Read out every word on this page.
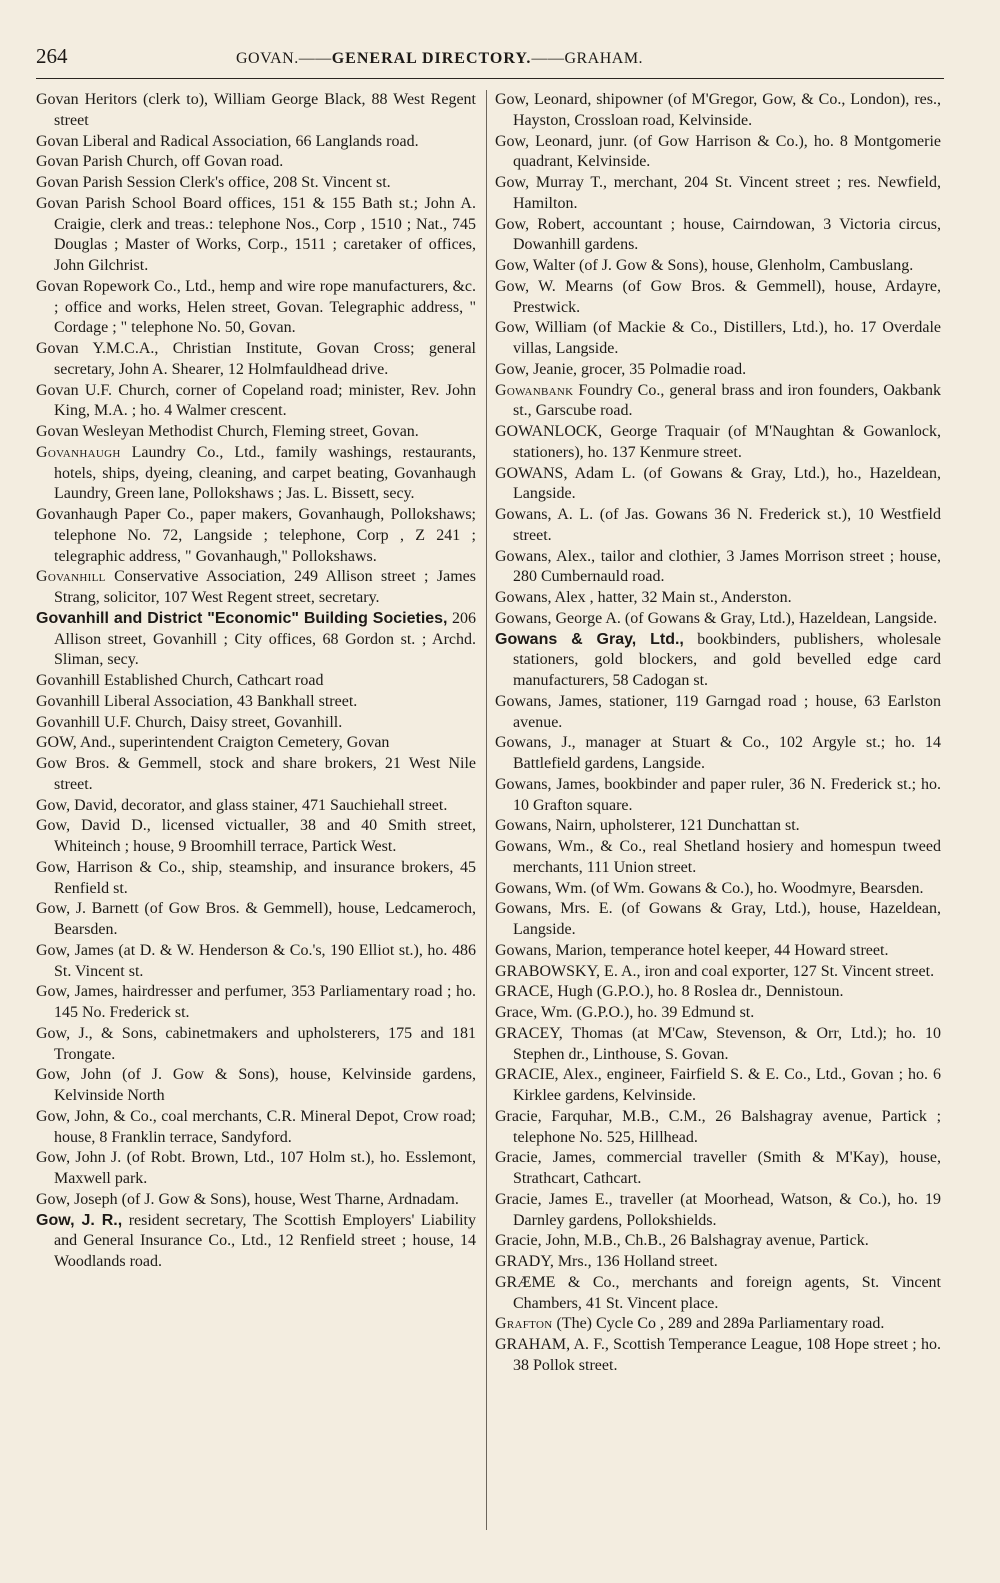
264	GOVAN.——GENERAL DIRECTORY.——GRAHAM.

Govan Heritors (clerk to), William George Black, 88 West Regent street

Govan Liberal and Radical Association, 66 Langlands road.

Govan Parish Church, off Govan road.

Govan Parish Session Clerk's office, 208 St. Vincent st.

Govan Parish School Board offices, 151 & 155 Bath st.; John A. Craigie, clerk and treas.: telephone Nos., Corp , 1510 ; Nat., 745 Douglas ; Master of Works, Corp., 1511 ; caretaker of offices, John Gilchrist.

Govan Ropework Co., Ltd., hemp and wire rope manufacturers, &c. ; office and works, Helen street, Govan. Telegraphic address, " Cordage ; " telephone No. 50, Govan.

Govan Y.M.C.A., Christian Institute, Govan Cross; general secretary, John A. Shearer, 12 Holmfauldhead drive.

Govan U.F. Church, corner of Copeland road; minister, Rev. John King, M.A. ; ho. 4 Walmer crescent.

Govan Wesleyan Methodist Church, Fleming street, Govan.

Govanhaugh Laundry Co., Ltd., family washings, restaurants, hotels, ships, dyeing, cleaning, and carpet beating, Govanhaugh Laundry, Green lane, Pollokshaws ; Jas. L. Bissett, secy.

Govanhaugh Paper Co., paper makers, Govanhaugh, Pollokshaws; telephone No. 72, Langside ; telephone, Corp , Z 241 ; telegraphic address, " Govanhaugh," Pollokshaws.

Govanhill Conservative Association, 249 Allison street ; James Strang, solicitor, 107 West Regent street, secretary.

Govanhill and District "Economic" Building Societies, 206 Allison street, Govanhill ; City offices, 68 Gordon st. ; Archd. Sliman, secy.

Govanhill Established Church, Cathcart road

Govanhill Liberal Association, 43 Bankhall street.

Govanhill U.F. Church, Daisy street, Govanhill.

GOW, And., superintendent Craigton Cemetery, Govan

Gow Bros. & Gemmell, stock and share brokers, 21 West Nile street.

Gow, David, decorator, and glass stainer, 471 Sauchiehall street.

Gow, David D., licensed victualler, 38 and 40 Smith street, Whiteinch ; house, 9 Broomhill terrace, Partick West.

Gow, Harrison & Co., ship, steamship, and insurance brokers, 45 Renfield st.

Gow, J. Barnett (of Gow Bros. & Gemmell), house, Ledcameroch, Bearsden.

Gow, James (at D. & W. Henderson & Co.'s, 190 Elliot st.), ho. 486 St. Vincent st.

Gow, James, hairdresser and perfumer, 353 Parliamentary road ; ho. 145 No. Frederick st.

Gow, J., & Sons, cabinetmakers and upholsterers, 175 and 181 Trongate.

Gow, John (of J. Gow & Sons), house, Kelvinside gardens, Kelvinside North

Gow, John, & Co., coal merchants, C.R. Mineral Depot, Crow road; house, 8 Franklin terrace, Sandyford.

Gow, John J. (of Robt. Brown, Ltd., 107 Holm st.), ho. Esslemont, Maxwell park.

Gow, Joseph (of J. Gow & Sons), house, West Tharne, Ardnadam.

Gow, J. R., resident secretary, The Scottish Employers' Liability and General Insurance Co., Ltd., 12 Renfield street ; house, 14 Woodlands road.

Gow, Leonard, shipowner (of M'Gregor, Gow, & Co., London), res., Hayston, Crossloan road, Kelvinside.

Gow, Leonard, junr. (of Gow Harrison & Co.), ho. 8 Montgomerie quadrant, Kelvinside.

Gow, Murray T., merchant, 204 St. Vincent street ; res. Newfield, Hamilton.

Gow, Robert, accountant ; house, Cairndowan, 3 Victoria circus, Dowanhill gardens.

Gow, Walter (of J. Gow & Sons), house, Glenholm, Cambuslang.

Gow, W. Mearns (of Gow Bros. & Gemmell), house, Ardayre, Prestwick.

Gow, William (of Mackie & Co., Distillers, Ltd.), ho. 17 Overdale villas, Langside.

Gow, Jeanie, grocer, 35 Polmadie road.

Gowanbank Foundry Co., general brass and iron founders, Oakbank st., Garscube road.

GOWANLOCK, George Traquair (of M'Naughtan & Gowanlock, stationers), ho. 137 Kenmure street.

GOWANS, Adam L. (of Gowans & Gray, Ltd.), ho., Hazeldean, Langside.

Gowans, A. L. (of Jas. Gowans 36 N. Frederick st.), 10 Westfield street.

Gowans, Alex., tailor and clothier, 3 James Morrison street ; house, 280 Cumbernauld road.

Gowans, Alex , hatter, 32 Main st., Anderston.

Gowans, George A. (of Gowans & Gray, Ltd.), Hazeldean, Langside.

Gowans & Gray, Ltd., bookbinders, publishers, wholesale stationers, gold blockers, and gold bevelled edge card manufacturers, 58 Cadogan st.

Gowans, James, stationer, 119 Garngad road ; house, 63 Earlston avenue.

Gowans, J., manager at Stuart & Co., 102 Argyle st.; ho. 14 Battlefield gardens, Langside.

Gowans, James, bookbinder and paper ruler, 36 N. Frederick st.; ho. 10 Grafton square.

Gowans, Nairn, upholsterer, 121 Dunchattan st.

Gowans, Wm., & Co., real Shetland hosiery and homespun tweed merchants, 111 Union street.

Gowans, Wm. (of Wm. Gowans & Co.), ho. Woodmyre, Bearsden.

Gowans, Mrs. E. (of Gowans & Gray, Ltd.), house, Hazeldean, Langside.

Gowans, Marion, temperance hotel keeper, 44 Howard street.

GRABOWSKY, E. A., iron and coal exporter, 127 St. Vincent street.

GRACE, Hugh (G.P.O.), ho. 8 Roslea dr., Dennistoun.

Grace, Wm. (G.P.O.), ho. 39 Edmund st.

GRACEY, Thomas (at M'Caw, Stevenson, & Orr, Ltd.); ho. 10 Stephen dr., Linthouse, S. Govan.

GRACIE, Alex., engineer, Fairfield S. & E. Co., Ltd., Govan ; ho. 6 Kirklee gardens, Kelvinside.

Gracie, Farquhar, M.B., C.M., 26 Balshagray avenue, Partick ; telephone No. 525, Hillhead.

Gracie, James, commercial traveller (Smith & M'Kay), house, Strathcart, Cathcart.

Gracie, James E., traveller (at Moorhead, Watson, & Co.), ho. 19 Darnley gardens, Pollokshields.

Gracie, John, M.B., Ch.B., 26 Balshagray avenue, Partick.

GRADY, Mrs., 136 Holland street.

GRÆME & Co., merchants and foreign agents, St. Vincent Chambers, 41 St. Vincent place.

Grafton (The) Cycle Co , 289 and 289a Parliamentary road.

GRAHAM, A. F., Scottish Temperance League, 108 Hope street ; ho. 38 Pollok street.
